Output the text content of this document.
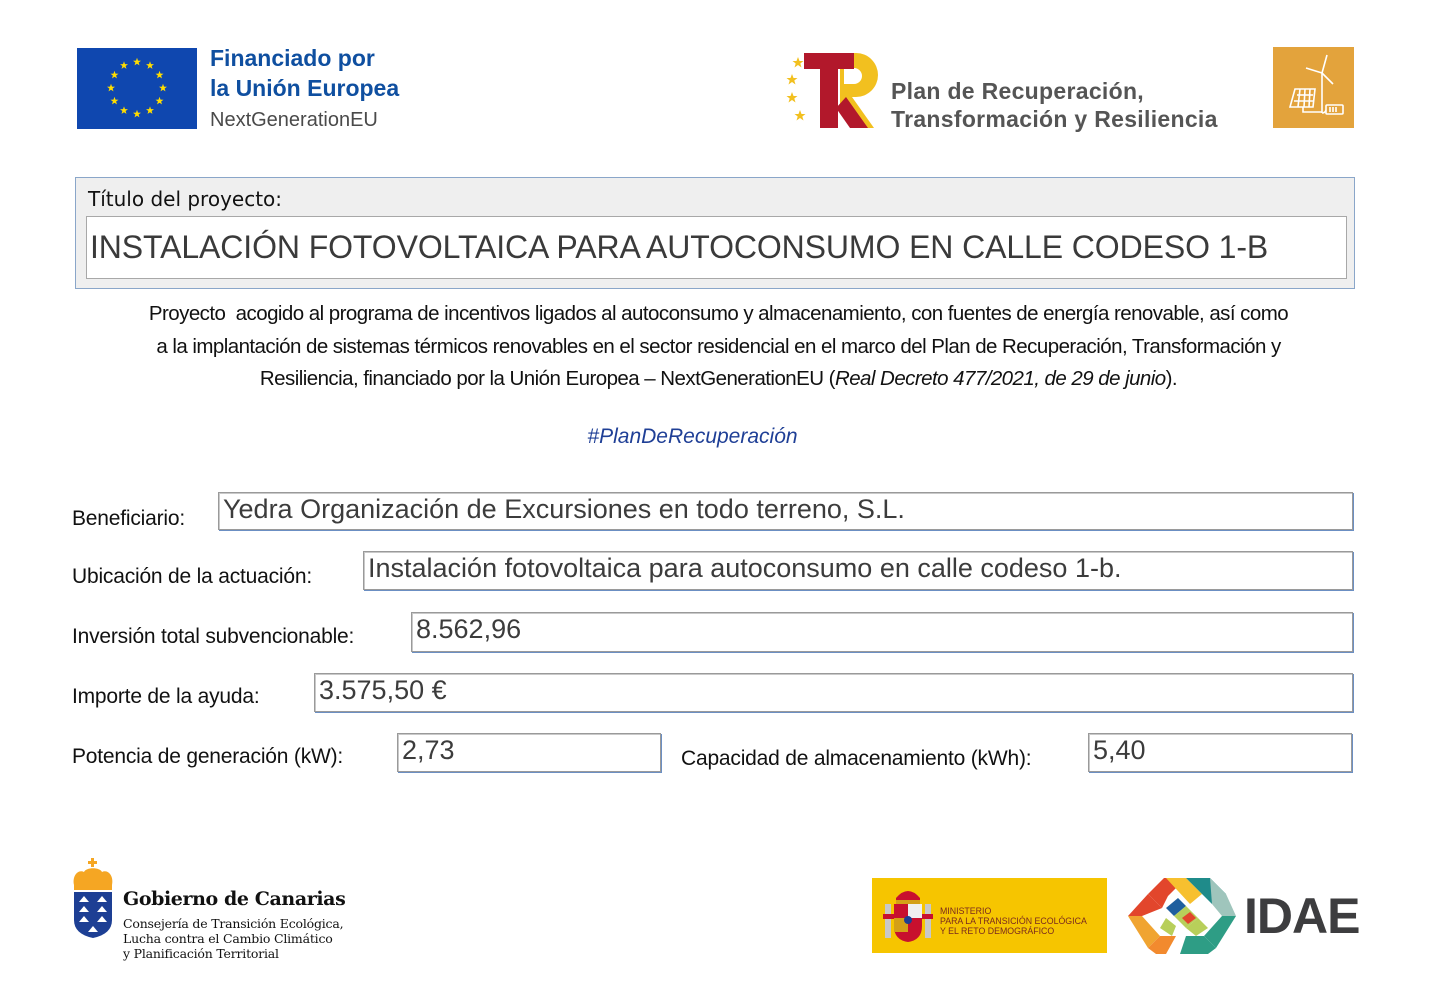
Financiado por
la Unión Europea
NextGenerationEU
Plan de Recuperación,
Transformación y Resiliencia
Título del proyecto:
INSTALACIÓN FOTOVOLTAICA PARA AUTOCONSUMO EN CALLE CODESO 1-B
Proyecto  acogido al programa de incentivos ligados al autoconsumo y almacenamiento, con fuentes de energía renovable, así como
a la implantación de sistemas térmicos renovables en el sector residencial en el marco del Plan de Recuperación, Transformación y
Resiliencia, financiado por la Unión Europea – NextGenerationEU (Real Decreto 477/2021, de 29 de junio).
#PlanDeRecuperación
Beneficiario: Yedra Organización de Excursiones en todo terreno, S.L.
Ubicación de la actuación: Instalación fotovoltaica para autoconsumo en calle codeso 1-b.
Inversión total subvencionable: 8.562,96
Importe de la ayuda: 3.575,50 €
Potencia de generación (kW): 2,73	Capacidad de almacenamiento (kWh): 5,40
Gobierno de Canarias
Consejería de Transición Ecológica,
Lucha contra el Cambio Climático
y Planificación Territorial
MINISTERIO
PARA LA TRANSICIÓN ECOLÓGICA
Y EL RETO DEMOGRÁFICO	IDAE
